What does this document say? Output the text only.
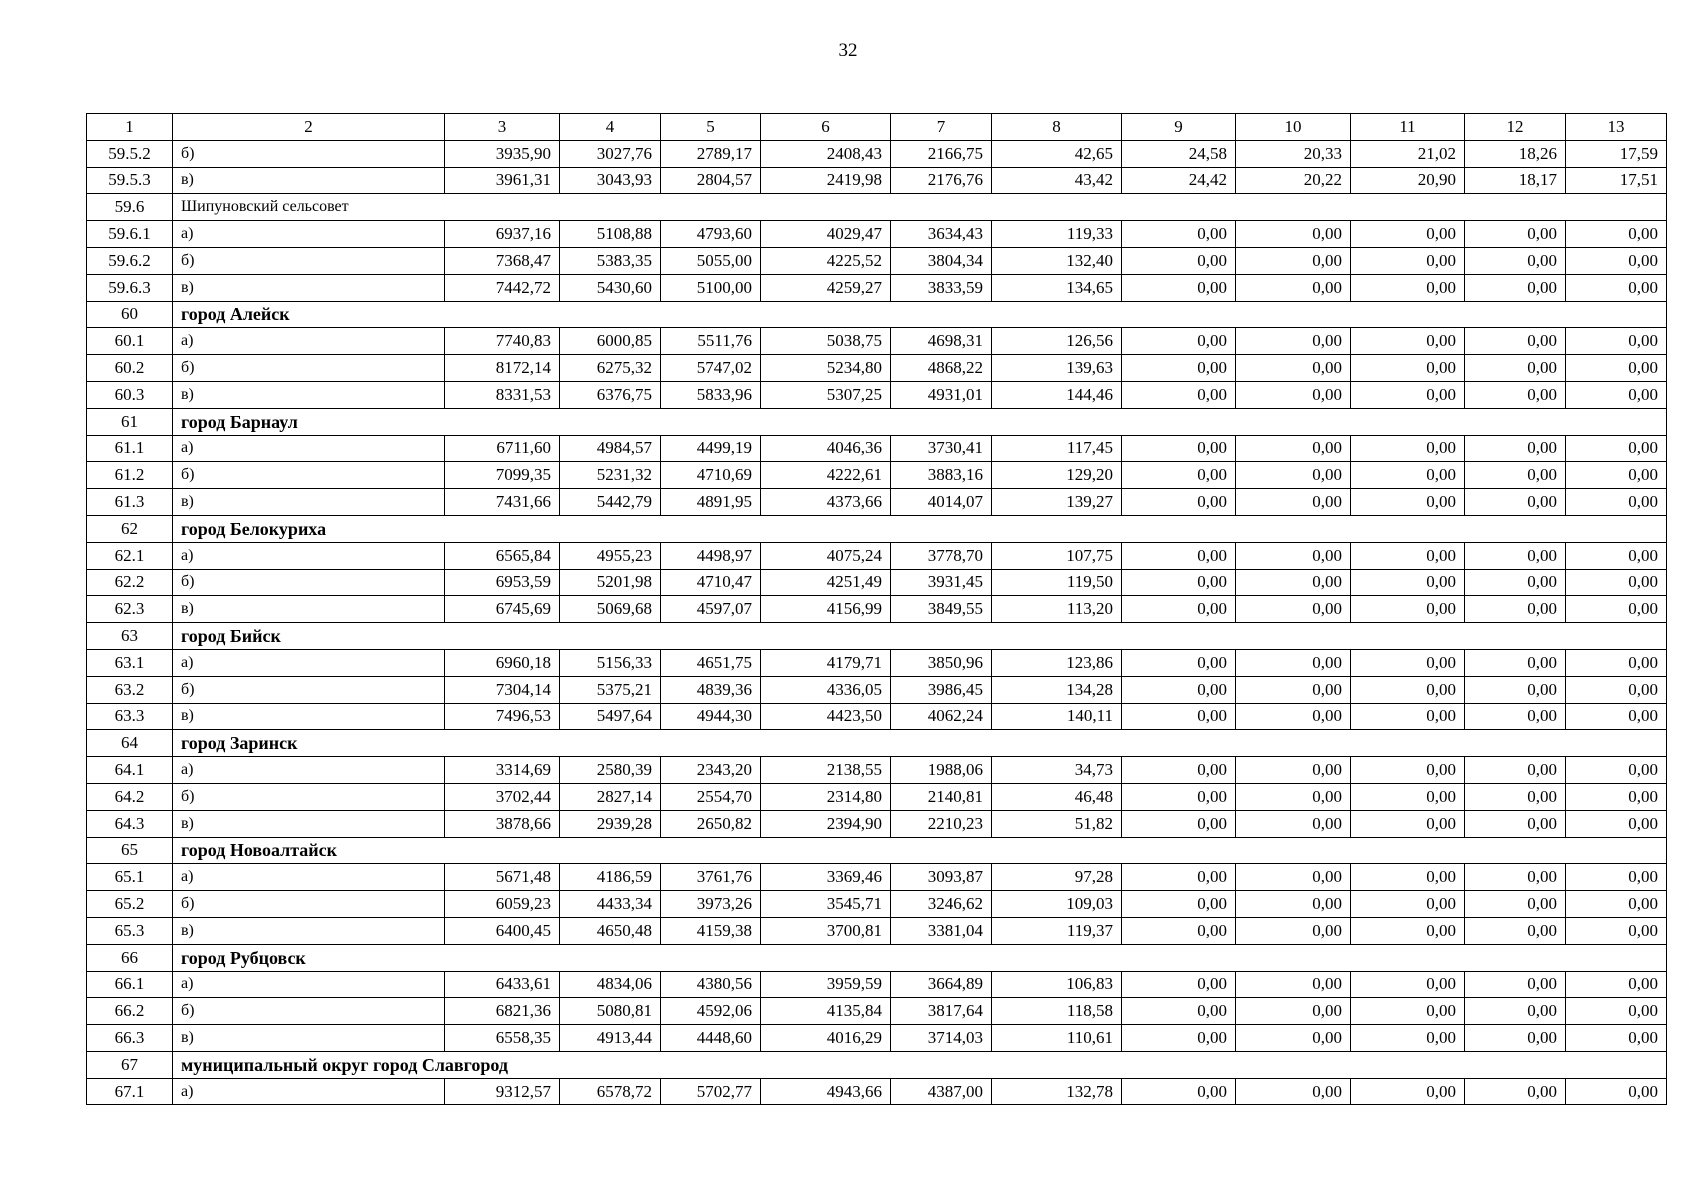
32
1	2	3	4	5	6	7	8	9	10	11	12	13
59.5.2	б)	3935,90	3027,76	2789,17	2408,43	2166,75	42,65	24,58	20,33	21,02	18,26	17,59
59.5.3	в)	3961,31	3043,93	2804,57	2419,98	2176,76	43,42	24,42	20,22	20,90	18,17	17,51
59.6	Шипуновский сельсовет											
59.6.1	а)	6937,16	5108,88	4793,60	4029,47	3634,43	119,33	0,00	0,00	0,00	0,00	0,00
59.6.2	б)	7368,47	5383,35	5055,00	4225,52	3804,34	132,40	0,00	0,00	0,00	0,00	0,00
59.6.3	в)	7442,72	5430,60	5100,00	4259,27	3833,59	134,65	0,00	0,00	0,00	0,00	0,00
60	город Алейск											
60.1	а)	7740,83	6000,85	5511,76	5038,75	4698,31	126,56	0,00	0,00	0,00	0,00	0,00
60.2	б)	8172,14	6275,32	5747,02	5234,80	4868,22	139,63	0,00	0,00	0,00	0,00	0,00
60.3	в)	8331,53	6376,75	5833,96	5307,25	4931,01	144,46	0,00	0,00	0,00	0,00	0,00
61	город Барнаул											
61.1	а)	6711,60	4984,57	4499,19	4046,36	3730,41	117,45	0,00	0,00	0,00	0,00	0,00
61.2	б)	7099,35	5231,32	4710,69	4222,61	3883,16	129,20	0,00	0,00	0,00	0,00	0,00
61.3	в)	7431,66	5442,79	4891,95	4373,66	4014,07	139,27	0,00	0,00	0,00	0,00	0,00
62	город Белокуриха											
62.1	а)	6565,84	4955,23	4498,97	4075,24	3778,70	107,75	0,00	0,00	0,00	0,00	0,00
62.2	б)	6953,59	5201,98	4710,47	4251,49	3931,45	119,50	0,00	0,00	0,00	0,00	0,00
62.3	в)	6745,69	5069,68	4597,07	4156,99	3849,55	113,20	0,00	0,00	0,00	0,00	0,00
63	город Бийск											
63.1	а)	6960,18	5156,33	4651,75	4179,71	3850,96	123,86	0,00	0,00	0,00	0,00	0,00
63.2	б)	7304,14	5375,21	4839,36	4336,05	3986,45	134,28	0,00	0,00	0,00	0,00	0,00
63.3	в)	7496,53	5497,64	4944,30	4423,50	4062,24	140,11	0,00	0,00	0,00	0,00	0,00
64	город Заринск											
64.1	а)	3314,69	2580,39	2343,20	2138,55	1988,06	34,73	0,00	0,00	0,00	0,00	0,00
64.2	б)	3702,44	2827,14	2554,70	2314,80	2140,81	46,48	0,00	0,00	0,00	0,00	0,00
64.3	в)	3878,66	2939,28	2650,82	2394,90	2210,23	51,82	0,00	0,00	0,00	0,00	0,00
65	город Новоалтайск											
65.1	а)	5671,48	4186,59	3761,76	3369,46	3093,87	97,28	0,00	0,00	0,00	0,00	0,00
65.2	б)	6059,23	4433,34	3973,26	3545,71	3246,62	109,03	0,00	0,00	0,00	0,00	0,00
65.3	в)	6400,45	4650,48	4159,38	3700,81	3381,04	119,37	0,00	0,00	0,00	0,00	0,00
66	город Рубцовск											
66.1	а)	6433,61	4834,06	4380,56	3959,59	3664,89	106,83	0,00	0,00	0,00	0,00	0,00
66.2	б)	6821,36	5080,81	4592,06	4135,84	3817,64	118,58	0,00	0,00	0,00	0,00	0,00
66.3	в)	6558,35	4913,44	4448,60	4016,29	3714,03	110,61	0,00	0,00	0,00	0,00	0,00
67	муниципальный округ город Славгород											
67.1	а)	9312,57	6578,72	5702,77	4943,66	4387,00	132,78	0,00	0,00	0,00	0,00	0,00
